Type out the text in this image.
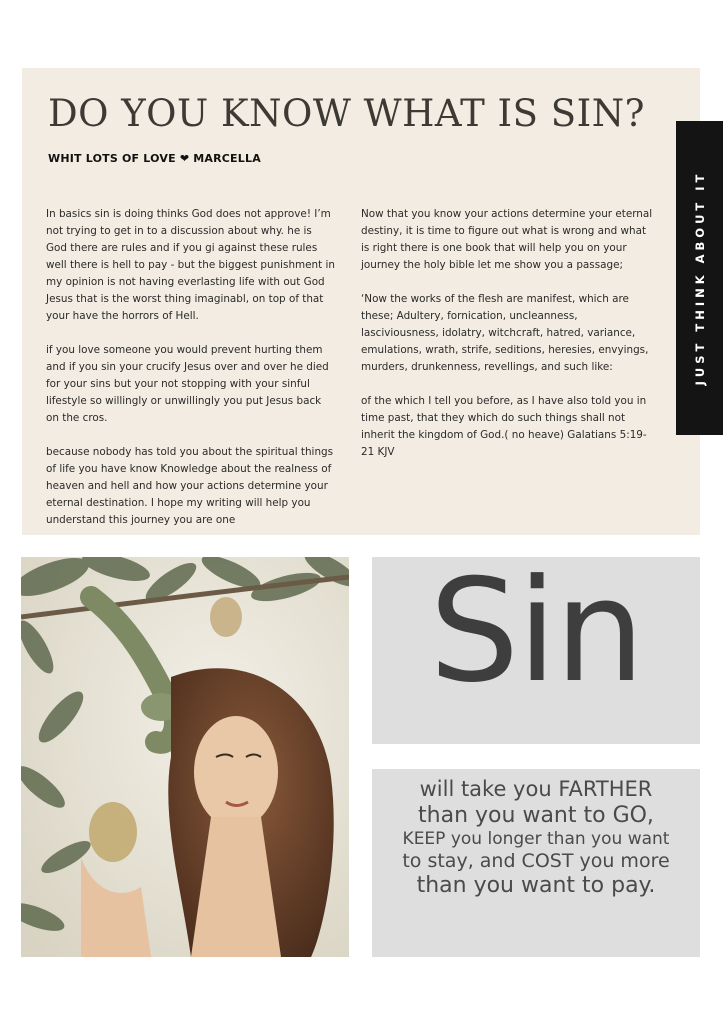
DO YOU KNOW WHAT IS SIN?
WHIT LOTS OF LOVE ❤ MARCELLA

In basics sin is doing thinks God does not approve! I’m not trying to get in to a discussion about why. he is God there are rules and if you gi against these rules well there is hell to pay - but the biggest punishment in my opinion is not having everlasting life with out God Jesus that is the worst thing imaginabl, on top of that your have the horrors of Hell.

if you love someone you would prevent hurting them and if you sin your crucify Jesus over and over he died for your sins but your not stopping with your sinful lifestyle so willingly or unwillingly you put Jesus back on the cros.

because nobody has told you about the spiritual things of life you have know Knowledge about the realness of heaven and hell and how your actions determine your eternal destination. I hope my writing will help you understand this journey you are one

Now that you know your actions determine your eternal destiny, it is time to figure out what is wrong and what is right there is one book that will help you on your journey the holy bible let me show you a passage;

‘Now the works of the flesh are manifest, which are these; Adultery, fornication, uncleanness, lasciviousness, idolatry, witchcraft, hatred, variance, emulations, wrath, strife, seditions, heresies, envyings, murders, drunkenness, revellings, and such like:

of the which I tell you before, as I have also told you in time past, that they which do such things shall not inherit the kingdom of God.( no heave) Galatians 5:19-21 KJV

JUST THINK ABOUT IT
Sin
will take you FARTHER
than you want to GO,
KEEP you longer than you want
to stay, and COST you more
than you want to pay.
